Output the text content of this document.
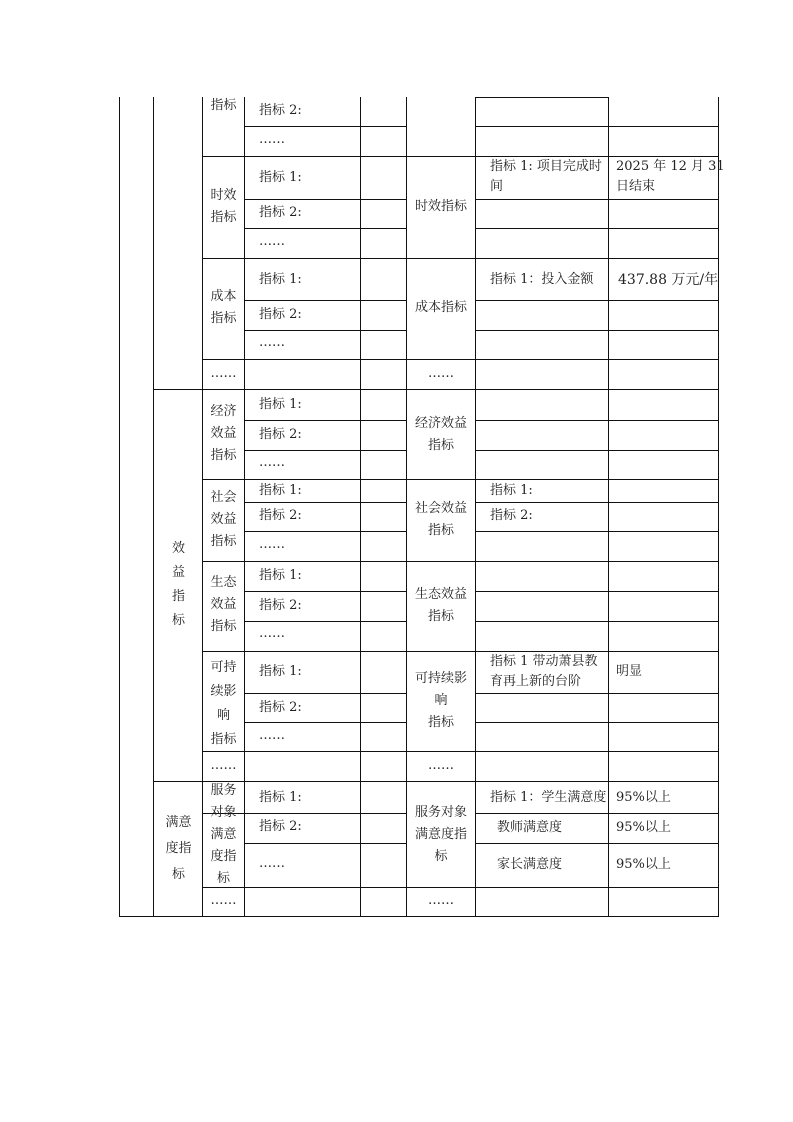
效
益
指
标
满意
度指
标
指标
时效
指标
成本
指标
……
经济
效益
指标
社会
效益
指标
生态
效益
指标
可持
续影
响
指标
……
服务
对象
满意
度指
标
……
指标 2:
……
指标 1:
指标 2:
……
指标 1:
指标 2:
……
指标 1:
指标 2:
……
指标 1:
指标 2:
……
指标 1:
指标 2:
……
指标 1:
指标 2:
……
指标 1:
指标 2:
……
时效指标
成本指标
……
经济效益
指标
社会效益
指标
生态效益
指标
可持续影
响
指标
……
服务对象
满意度指
标
……
指标 1: 项目完成时
间
指标 1：投入金额
指标 1:
指标 2:
指标 1 带动萧县教
育再上新的台阶
指标 1：学生满意度
教师满意度
家长满意度
2025 年 12 月 31
日结束
437.88 万元/年
明显
95%以上
95%以上
95%以上
